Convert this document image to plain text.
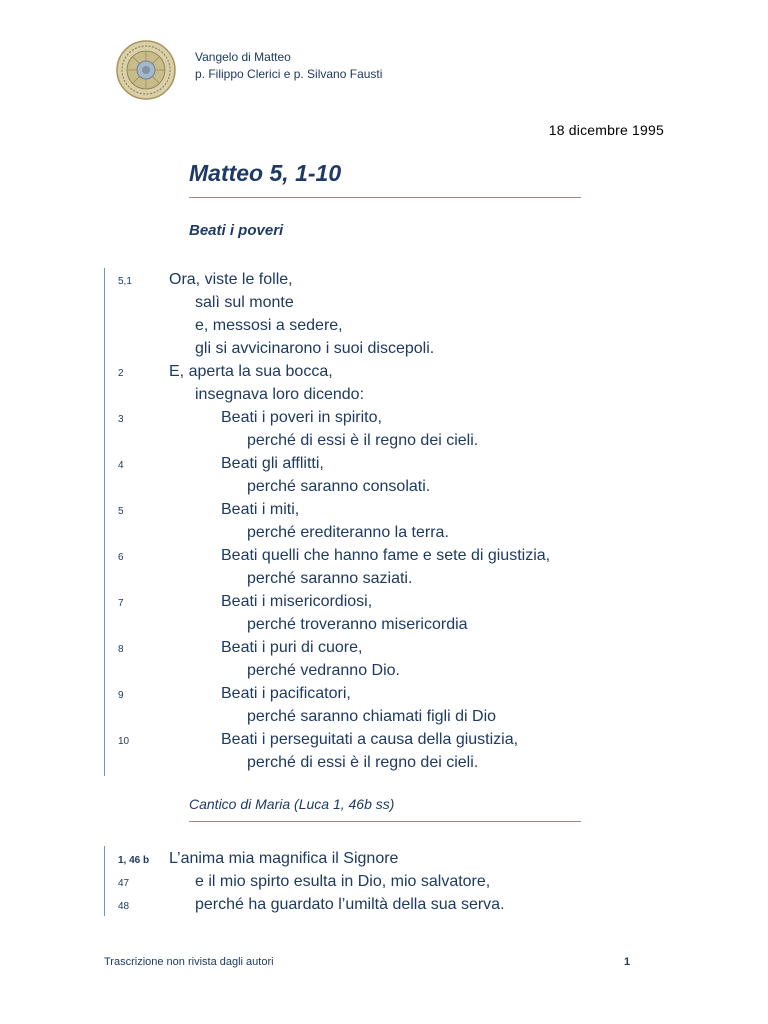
Vangelo di Matteo
p. Filippo Clerici e p. Silvano Fausti
18 dicembre 1995
Matteo 5, 1-10
Beati i poveri
5,1 Ora, viste le folle,
salì sul monte
e, messosi a sedere,
gli si avvicinarono i suoi discepoli.
2	E, aperta la sua bocca,
insegnava loro dicendo:
3	Beati i poveri in spirito,
perché di essi è il regno dei cieli.
4	Beati gli afflitti,
perché saranno consolati.
5	Beati i miti,
perché erediteranno la terra.
6	Beati quelli che hanno fame e sete di giustizia,
perché saranno saziati.
7	Beati i misericordiosi,
perché troveranno misericordia
8	Beati i puri di cuore,
perché vedranno Dio.
9	Beati i pacificatori,
perché saranno chiamati figli di Dio
10	Beati i perseguitati a causa della giustizia,
perché di essi è il regno dei cieli.
Cantico di Maria (Luca 1, 46b ss)
1, 46 b L’anima mia magnifica il Signore
47	e il mio spirto esulta in Dio, mio salvatore,
48	perché ha guardato l’umiltà della sua serva.
Trascrizione non rivista dagli autori	1
